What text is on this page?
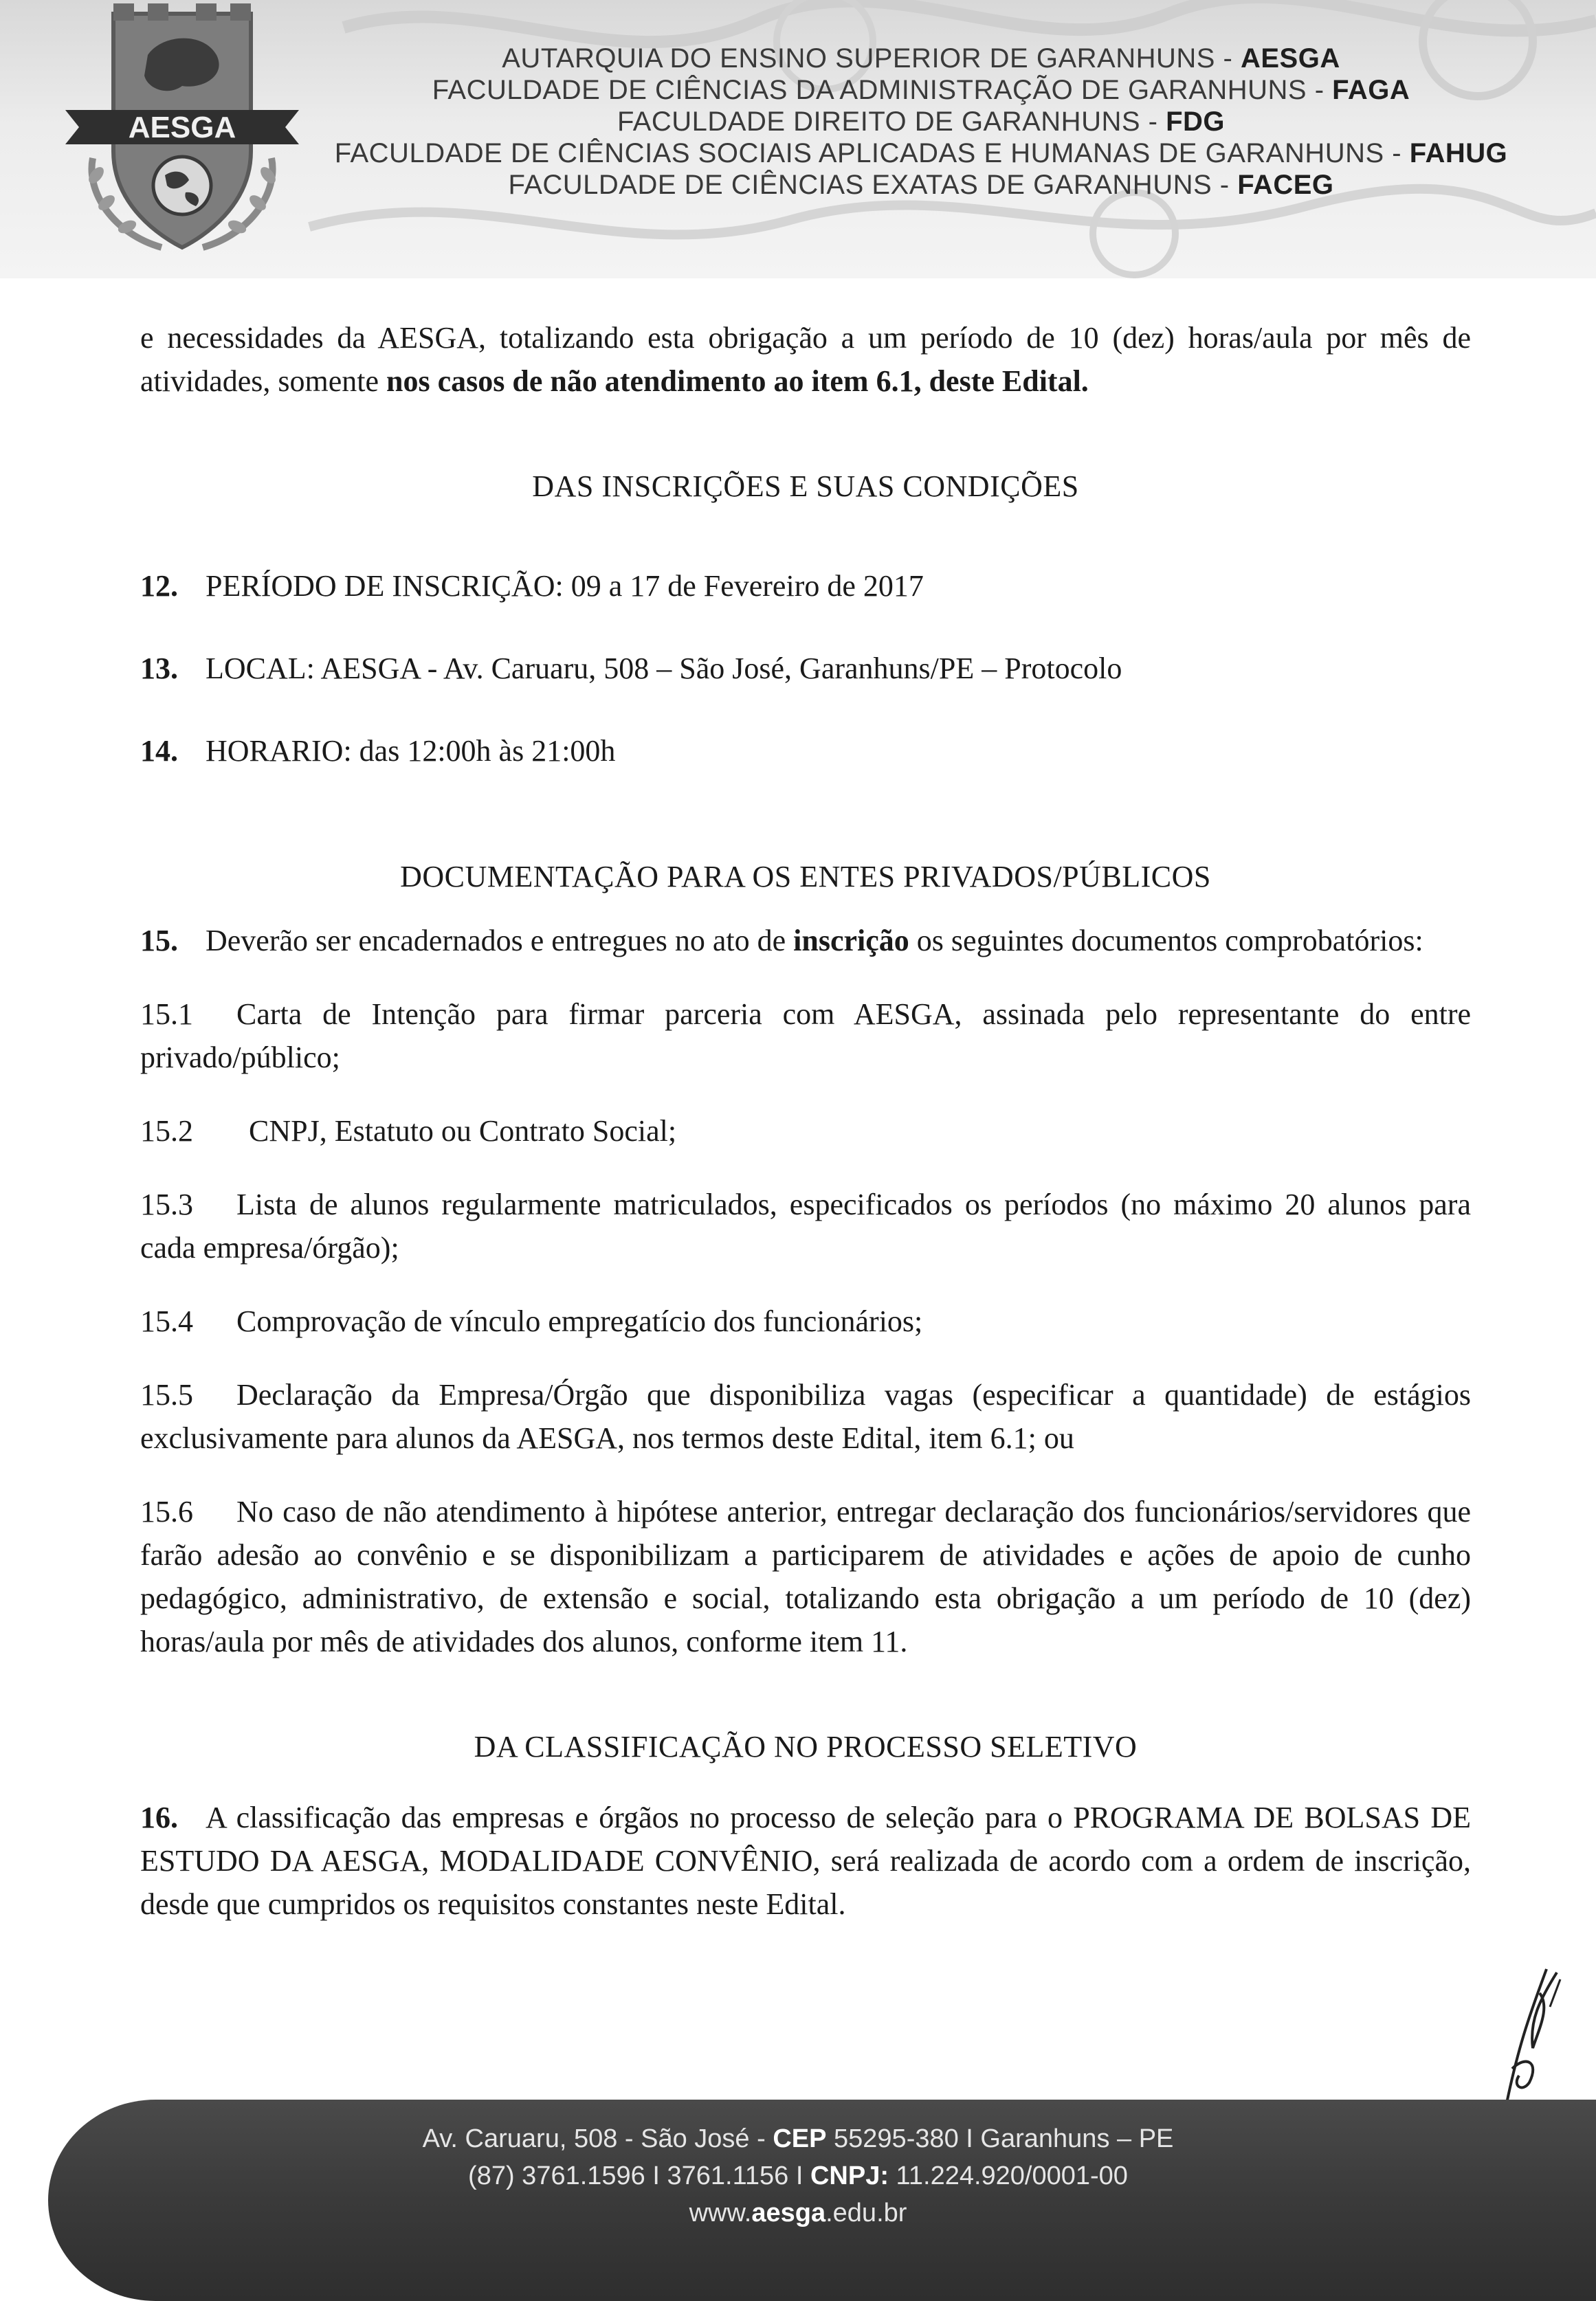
AESGA
AUTARQUIA DO ENSINO SUPERIOR DE GARANHUNS - AESGA
FACULDADE DE CIÊNCIAS DA ADMINISTRAÇÃO DE GARANHUNS - FAGA
FACULDADE DIREITO DE GARANHUNS - FDG
FACULDADE DE CIÊNCIAS SOCIAIS APLICADAS E HUMANAS DE GARANHUNS - FAHUG
FACULDADE DE CIÊNCIAS EXATAS DE GARANHUNS - FACEG

e necessidades da AESGA, totalizando esta obrigação a um período de 10 (dez) horas/aula por mês de atividades, somente nos casos de não atendimento ao item 6.1, deste Edital.

DAS INSCRIÇÕES E SUAS CONDIÇÕES

12. PERÍODO DE INSCRIÇÃO: 09 a 17 de Fevereiro de 2017

13. LOCAL: AESGA - Av. Caruaru, 508 – São José, Garanhuns/PE – Protocolo

14. HORARIO: das 12:00h às 21:00h

DOCUMENTAÇÃO PARA OS ENTES PRIVADOS/PÚBLICOS

15. Deverão ser encadernados e entregues no ato de inscrição os seguintes documentos comprobatórios:

15.1 Carta de Intenção para firmar parceria com AESGA, assinada pelo representante do entre privado/público;

15.2 CNPJ, Estatuto ou Contrato Social;

15.3 Lista de alunos regularmente matriculados, especificados os períodos (no máximo 20 alunos para cada empresa/órgão);

15.4 Comprovação de vínculo empregatício dos funcionários;

15.5 Declaração da Empresa/Órgão que disponibiliza vagas (especificar a quantidade) de estágios exclusivamente para alunos da AESGA, nos termos deste Edital, item 6.1; ou

15.6 No caso de não atendimento à hipótese anterior, entregar declaração dos funcionários/servidores que farão adesão ao convênio e se disponibilizam a participarem de atividades e ações de apoio de cunho pedagógico, administrativo, de extensão e social, totalizando esta obrigação a um período de 10 (dez) horas/aula por mês de atividades dos alunos, conforme item 11.

DA CLASSIFICAÇÃO NO PROCESSO SELETIVO

16. A classificação das empresas e órgãos no processo de seleção para o PROGRAMA DE BOLSAS DE ESTUDO DA AESGA, MODALIDADE CONVÊNIO, será realizada de acordo com a ordem de inscrição, desde que cumpridos os requisitos constantes neste Edital.

Av. Caruaru, 508 - São José - CEP 55295-380 I Garanhuns – PE
(87) 3761.1596 I 3761.1156 I CNPJ: 11.224.920/0001-00
www.aesga.edu.br
